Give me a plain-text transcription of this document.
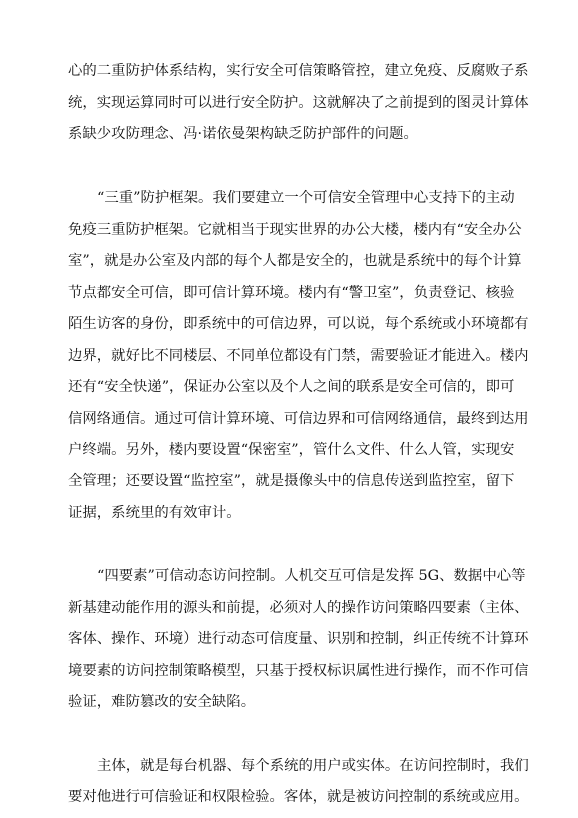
心的二重防护体系结构，实行安全可信策略管控，建立免疫、反腐败子系

统，实现运算同时可以进行安全防护。这就解决了之前提到的图灵计算体

系缺少攻防理念、冯·诺依曼架构缺乏防护部件的问题。

“三重”防护框架。我们要建立一个可信安全管理中心支持下的主动

免疫三重防护框架。它就相当于现实世界的办公大楼，楼内有“安全办公

室”，就是办公室及内部的每个人都是安全的，也就是系统中的每个计算

节点都安全可信，即可信计算环境。楼内有“警卫室”，负责登记、核验

陌生访客的身份，即系统中的可信边界，可以说，每个系统或小环境都有

边界，就好比不同楼层、不同单位都设有门禁，需要验证才能进入。楼内

还有“安全快递”，保证办公室以及个人之间的联系是安全可信的，即可

信网络通信。通过可信计算环境、可信边界和可信网络通信，最终到达用

户终端。另外，楼内要设置“保密室”，管什么文件、什么人管，实现安

全管理；还要设置“监控室”，就是摄像头中的信息传送到监控室，留下

证据，系统里的有效审计。

“四要素”可信动态访问控制。人机交互可信是发挥 5G、数据中心等

新基建动能作用的源头和前提，必须对人的操作访问策略四要素（主体、

客体、操作、环境）进行动态可信度量、识别和控制，纠正传统不计算环

境要素的访问控制策略模型，只基于授权标识属性进行操作，而不作可信

验证，难防篡改的安全缺陷。

主体，就是每台机器、每个系统的用户或实体。在访问控制时，我们

要对他进行可信验证和权限检验。客体，就是被访问控制的系统或应用。
